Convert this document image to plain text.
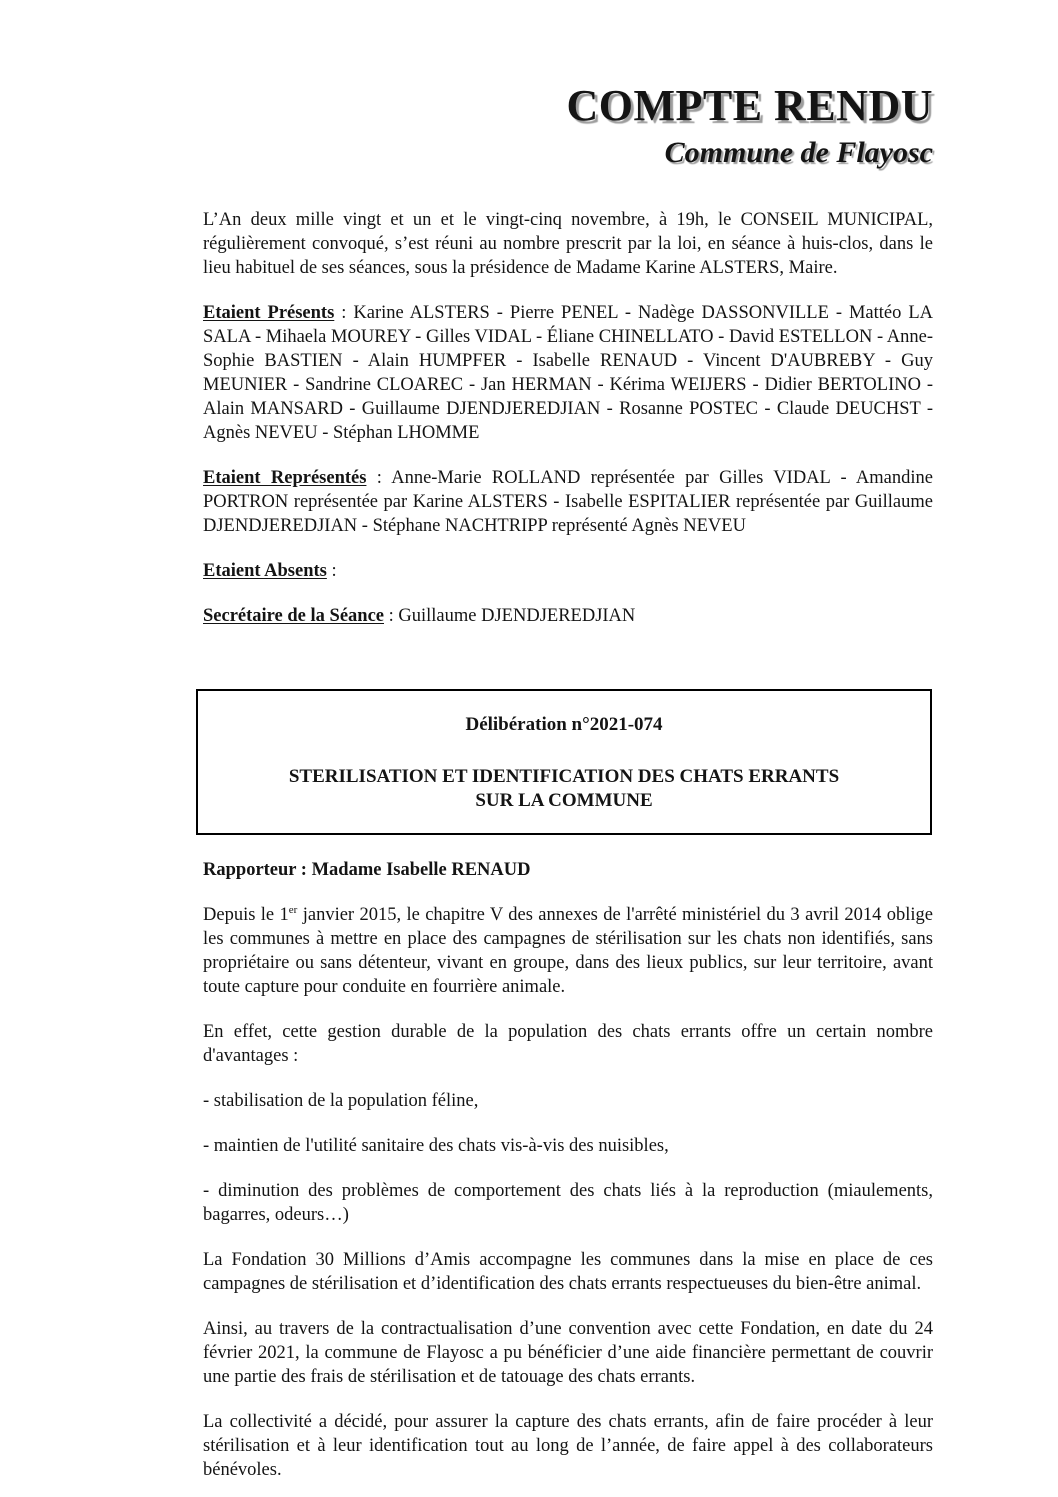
COMPTE RENDU
Commune de Flayosc

L’An deux mille vingt et un et le vingt-cinq novembre, à 19h, le CONSEIL MUNICIPAL, régulièrement convoqué, s’est réuni au nombre prescrit par la loi, en séance à huis-clos, dans le lieu habituel de ses séances, sous la présidence de Madame Karine ALSTERS, Maire.

Etaient Présents : Karine ALSTERS - Pierre PENEL - Nadège DASSONVILLE - Mattéo LA SALA - Mihaela MOUREY - Gilles VIDAL - Éliane CHINELLATO - David ESTELLON - Anne-Sophie BASTIEN - Alain HUMPFER - Isabelle RENAUD - Vincent D'AUBREBY - Guy MEUNIER - Sandrine CLOAREC - Jan HERMAN - Kérima WEIJERS - Didier BERTOLINO - Alain MANSARD - Guillaume DJENDJEREDJIAN - Rosanne POSTEC - Claude DEUCHST - Agnès NEVEU - Stéphan LHOMME

Etaient Représentés : Anne-Marie ROLLAND représentée par Gilles VIDAL - Amandine PORTRON représentée par Karine ALSTERS - Isabelle ESPITALIER représentée par Guillaume DJENDJEREDJIAN - Stéphane NACHTRIPP représenté Agnès NEVEU

Etaient Absents :

Secrétaire de la Séance : Guillaume DJENDJEREDJIAN

Délibération n°2021-074

STERILISATION ET IDENTIFICATION DES CHATS ERRANTS

SUR LA COMMUNE

Rapporteur : Madame Isabelle RENAUD

Depuis le 1er janvier 2015, le chapitre V des annexes de l'arrêté ministériel du 3 avril 2014 oblige les communes à mettre en place des campagnes de stérilisation sur les chats non identifiés, sans propriétaire ou sans détenteur, vivant en groupe, dans des lieux publics, sur leur territoire, avant toute capture pour conduite en fourrière animale.

En effet, cette gestion durable de la population des chats errants offre un certain nombre d'avantages :

- stabilisation de la population féline,

- maintien de l'utilité sanitaire des chats vis-à-vis des nuisibles,

- diminution des problèmes de comportement des chats liés à la reproduction (miaulements, bagarres, odeurs…)

La Fondation 30 Millions d’Amis accompagne les communes dans la mise en place de ces campagnes de stérilisation et d’identification des chats errants respectueuses du bien-être animal.

Ainsi, au travers de la contractualisation d’une convention avec cette Fondation, en date du 24 février 2021, la commune de Flayosc a pu bénéficier d’une aide financière permettant de couvrir une partie des frais de stérilisation et de tatouage des chats errants.

La collectivité a décidé, pour assurer la capture des chats errants, afin de faire procéder à leur stérilisation et à leur identification tout au long de l’année, de faire appel à des collaborateurs bénévoles.
